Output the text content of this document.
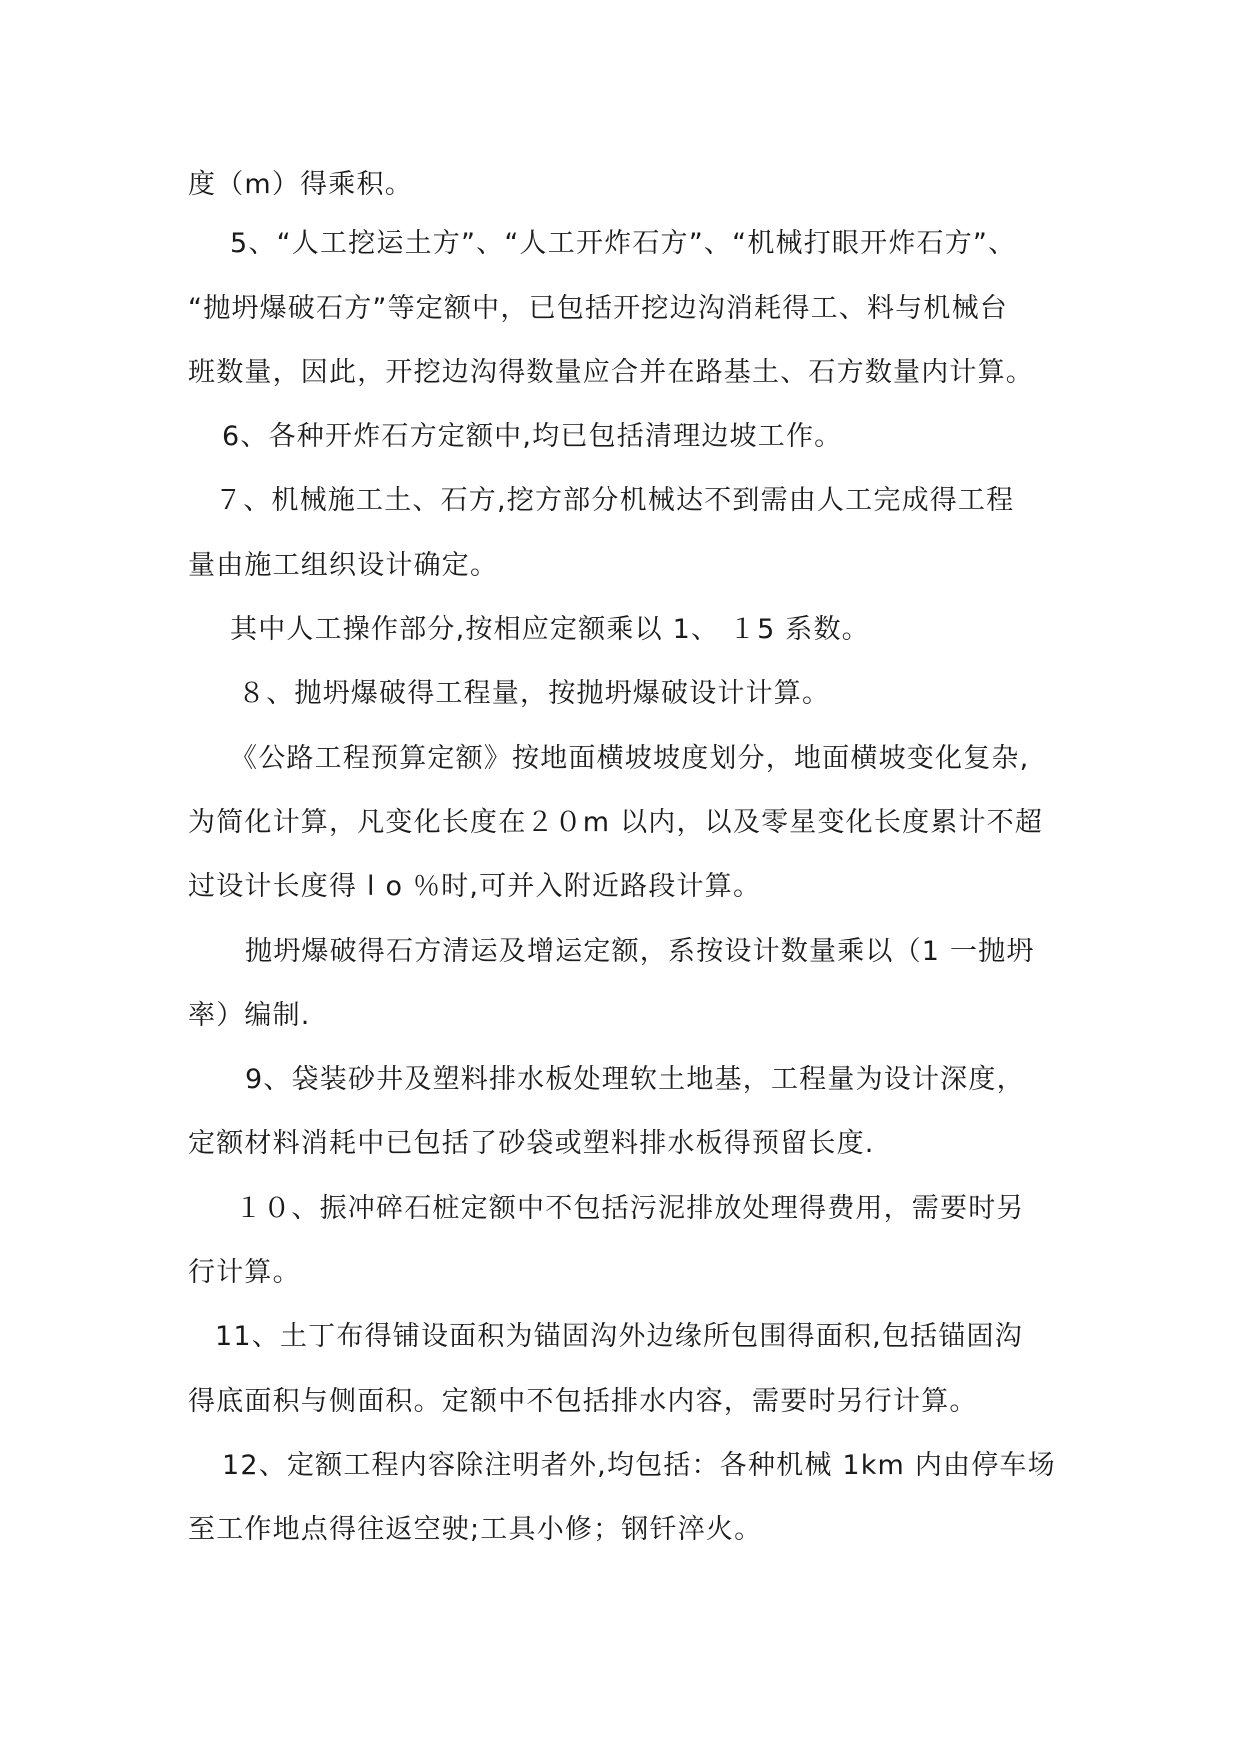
度（m）得乘积。
5、“人工挖运土方”、“人工开炸石方”、“机械打眼开炸石方”、
“抛坍爆破石方”等定额中，已包括开挖边沟消耗得工、料与机械台
班数量，因此，开挖边沟得数量应合并在路基土、石方数量内计算。
6、各种开炸石方定额中,均已包括清理边坡工作。
７、机械施工土、石方,挖方部分机械达不到需由人工完成得工程
量由施工组织设计确定。
其中人工操作部分,按相应定额乘以 1、 １5 系数。
８、抛坍爆破得工程量，按抛坍爆破设计计算。
《公路工程预算定额》按地面横坡坡度划分，地面横坡变化复杂,
为简化计算，凡变化长度在２０m 以内，以及零星变化长度累计不超
过设计长度得 l o ％时,可并入附近路段计算。
抛坍爆破得石方清运及增运定额，系按设计数量乘以（1 一抛坍
率）编制.
9、袋装砂井及塑料排水板处理软土地基，工程量为设计深度，
定额材料消耗中已包括了砂袋或塑料排水板得预留长度.
１０、振冲碎石桩定额中不包括污泥排放处理得费用，需要时另
行计算。
11、土丁布得铺设面积为锚固沟外边缘所包围得面积,包括锚固沟
得底面积与侧面积。定额中不包括排水内容，需要时另行计算。
12、定额工程内容除注明者外,均包括：各种机械 1km 内由停车场
至工作地点得往返空驶;工具小修；钢钎淬火。
